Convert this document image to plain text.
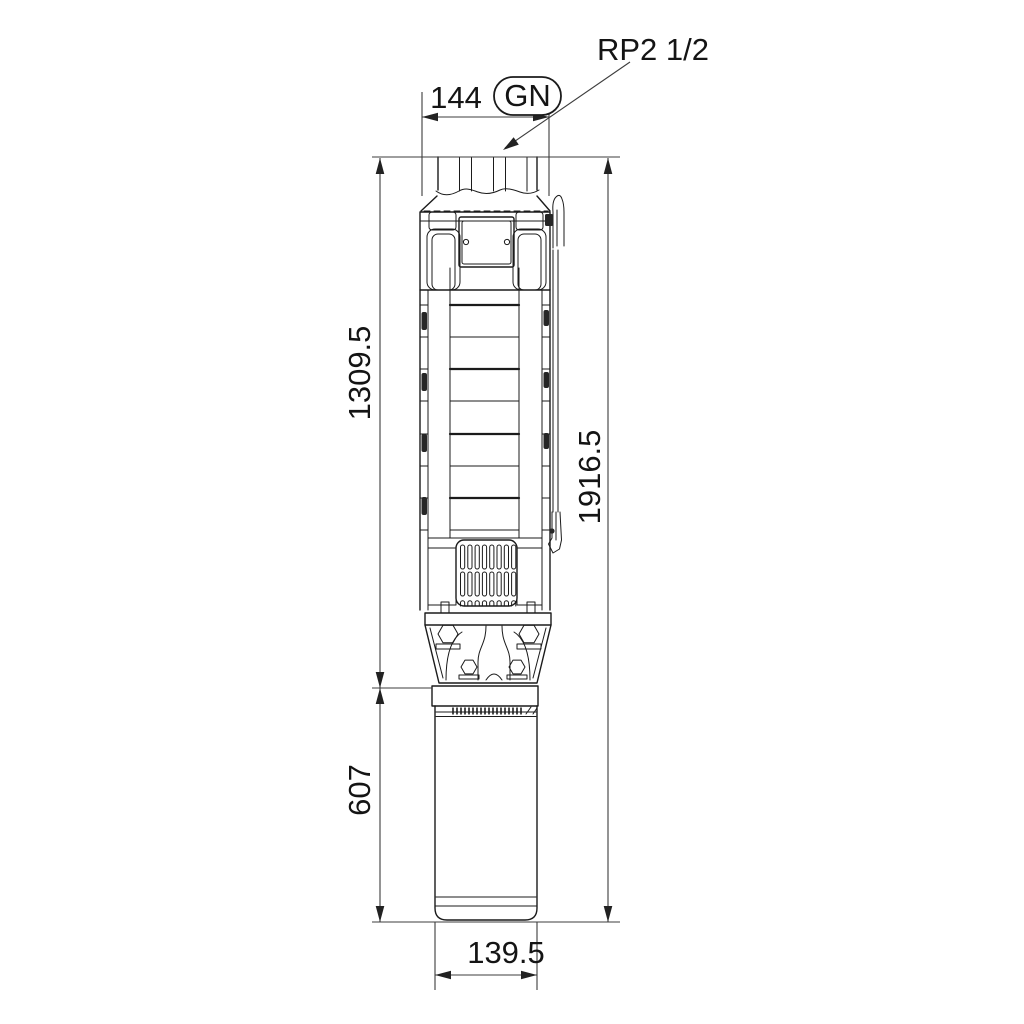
144 GN
RP2 1/2
1309.5
607
1916.5
139.5
